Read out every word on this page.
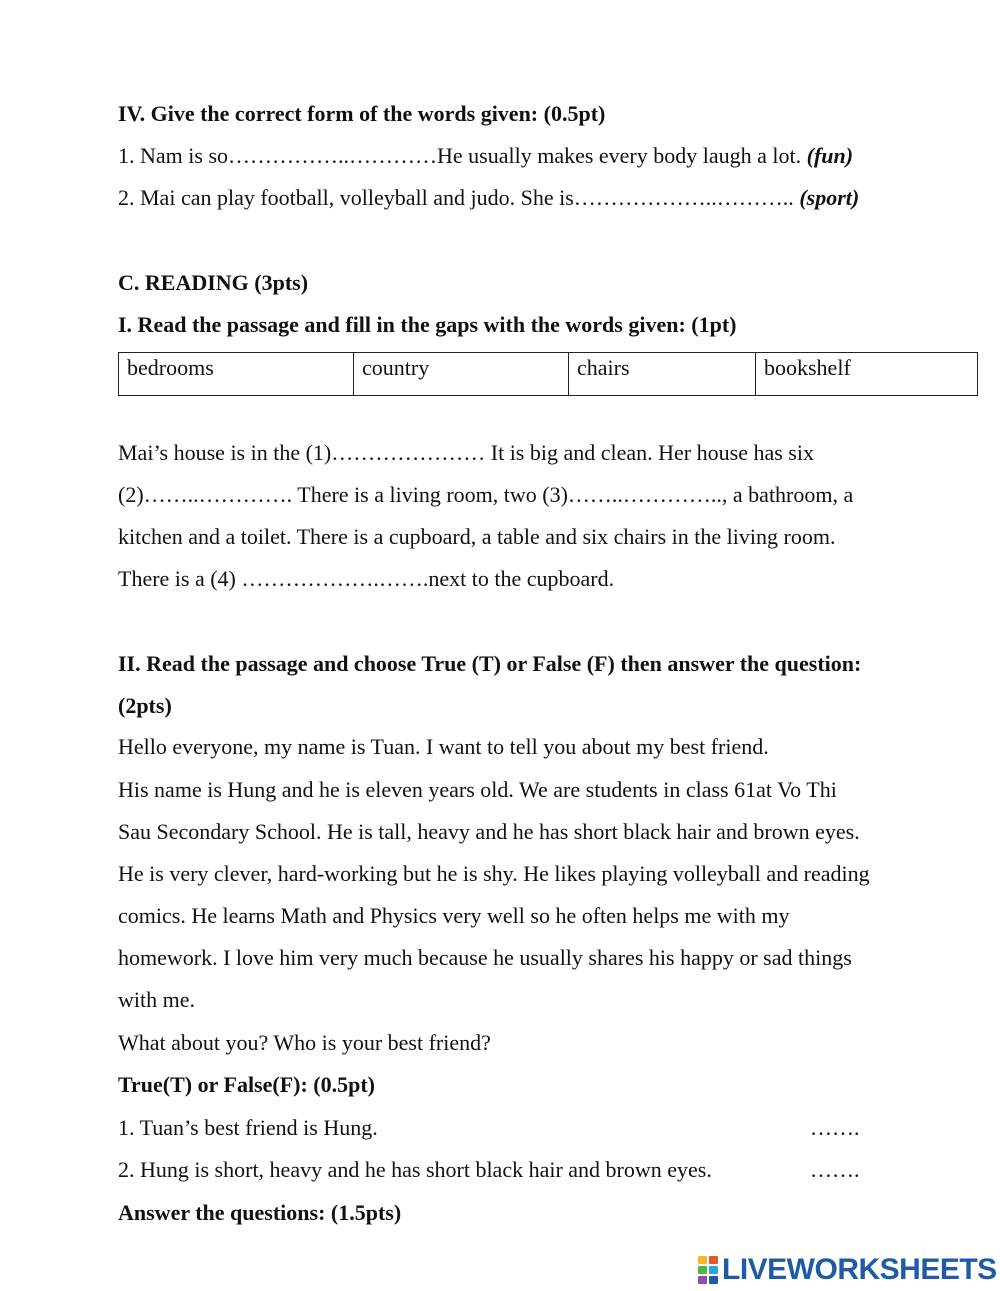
IV. Give the correct form of the words given: (0.5pt)
1. Nam is so……………..…………He usually makes every body laugh a lot. (fun)
2. Mai can play football, volleyball and judo. She is………………..……….. (sport)
C. READING (3pts)
I. Read the passage and fill in the gaps with the words given: (1pt)
bedrooms	country	chairs	bookshelf
Mai’s house is in the (1)………………… It is big and clean. Her house has six
(2)……..…………. There is a living room, two (3)……..………….., a bathroom, a
kitchen and a toilet. There is a cupboard, a table and six chairs in the living room.
There is a (4) ……………….…….next to the cupboard.
II. Read the passage and choose True (T) or False (F) then answer the question:
(2pts)
Hello everyone, my name is Tuan. I want to tell you about my best friend.
His name is Hung and he is eleven years old. We are students in class 61at Vo Thi
Sau Secondary School. He is tall, heavy and he has short black hair and brown eyes.
He is very clever, hard-working but he is shy. He likes playing volleyball and reading
comics. He learns Math and Physics very well so he often helps me with my
homework. I love him very much because he usually shares his happy or sad things
with me.
What about you? Who is your best friend?
True(T) or False(F): (0.5pt)
1. Tuan’s best friend is Hung.	…….
2. Hung is short, heavy and he has short black hair and brown eyes.	…….
Answer the questions: (1.5pts)
LIVEWORKSHEETS
